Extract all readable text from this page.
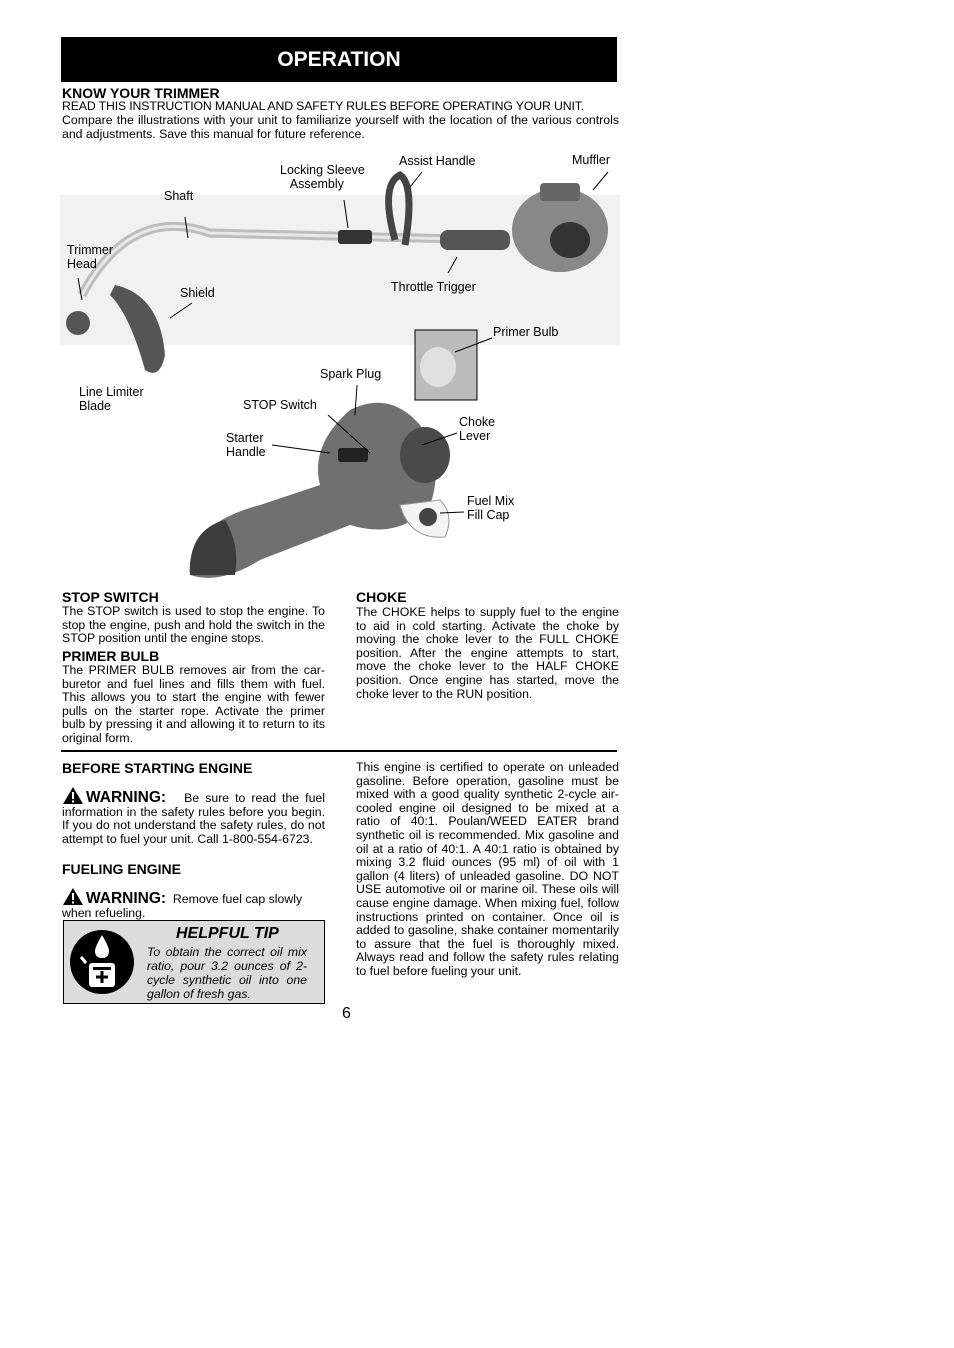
OPERATION
KNOW YOUR TRIMMER
READ THIS INSTRUCTION MANUAL AND SAFETY RULES BEFORE OPERATING YOUR UNIT.
Compare the illustrations with your unit to familiarize yourself with the location of the various controls and adjustments. Save this manual for future reference.
Shaft
Locking Sleeve
Assembly
Assist Handle	Muffler
Trimmer
Head
Shield	Throttle Trigger
Primer Bulb
Spark Plug
Line Limiter
Blade	STOP Switch
Starter
Handle
Choke
Lever
Fuel Mix
Fill Cap
STOP SWITCH
The STOP switch is used to stop the engine. To stop the engine, push and hold the switch in the STOP position until the engine stops.
PRIMER BULB
The PRIMER BULB removes air from the car-buretor and fuel lines and fills them with fuel. This allows you to start the engine with fewer pulls on the starter rope. Activate the primer bulb by pressing it and allowing it to return to its original form.
CHOKE
The CHOKE helps to supply fuel to the engine to aid in cold starting. Activate the choke by moving the choke lever to the FULL CHOKE position. After the engine attempts to start, move the choke lever to the HALF CHOKE position. Once engine has started, move the choke lever to the RUN position.
BEFORE STARTING ENGINE
WARNING: Be sure to read the fuel information in the safety rules before you begin. If you do not understand the safety rules, do not attempt to fuel your unit. Call 1-800-554-6723.
FUELING ENGINE
WARNING: Remove fuel cap slowly when refueling.
HELPFUL TIP
To obtain the correct oil mix ratio, pour 3.2 ounces of 2-cycle synthetic oil into one gallon of fresh gas.
This engine is certified to operate on unleaded gasoline. Before operation, gasoline must be mixed with a good quality synthetic 2-cycle air-cooled engine oil designed to be mixed at a ratio of 40:1. Poulan/WEED EATER brand synthetic oil is recommended. Mix gasoline and oil at a ratio of 40:1. A 40:1 ratio is obtained by mixing 3.2 fluid ounces (95 ml) of oil with 1 gallon (4 liters) of unleaded gasoline. DO NOT USE automotive oil or marine oil. These oils will cause engine damage. When mixing fuel, follow instructions printed on container. Once oil is added to gasoline, shake container momentarily to assure that the fuel is thoroughly mixed. Always read and follow the safety rules relating to fuel before fueling your unit.
6
